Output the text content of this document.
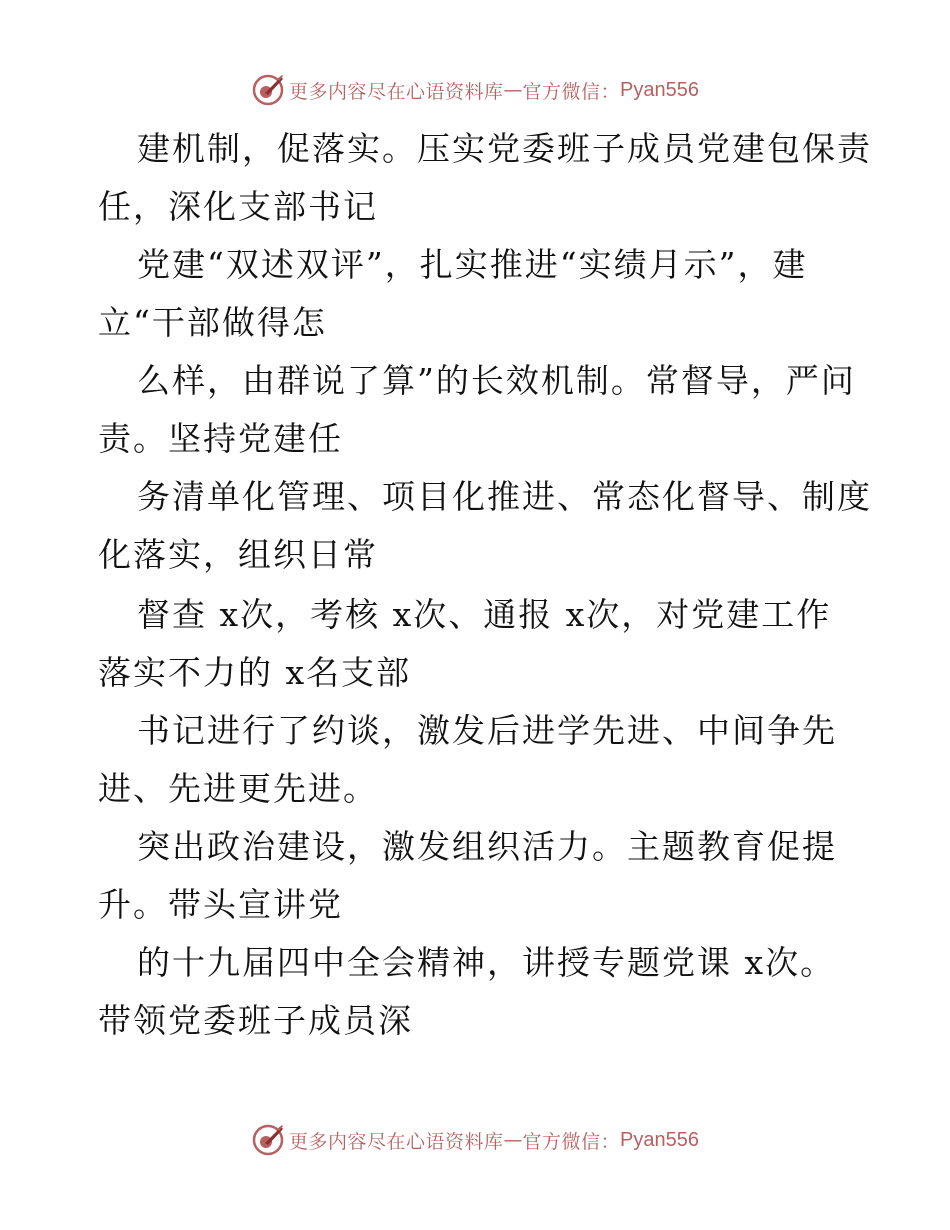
更多内容尽在心语资料库 — 官方微信： Pyan556
建机制，促落实。压实党委班子成员党建包保责
任，深化支部书记
党建“双述双评”，扎实推进“实绩月示”，建
立“干部做得怎
么样，由群说了算”的长效机制。常督导，严问
责。坚持党建任
务清单化管理、项目化推进、常态化督导、制度
化落实，组织日常
督查 x次，考核 x次、通报 x次，对党建工作
落实不力的 x名支部
书记进行了约谈，激发后进学先进、中间争先
进、先进更先进。
突出政治建设，激发组织活力。主题教育促提
升。带头宣讲党
的十九届四中全会精神，讲授专题党课 x次。
带领党委班子成员深
更多内容尽在心语资料库 — 官方微信： Pyan556
